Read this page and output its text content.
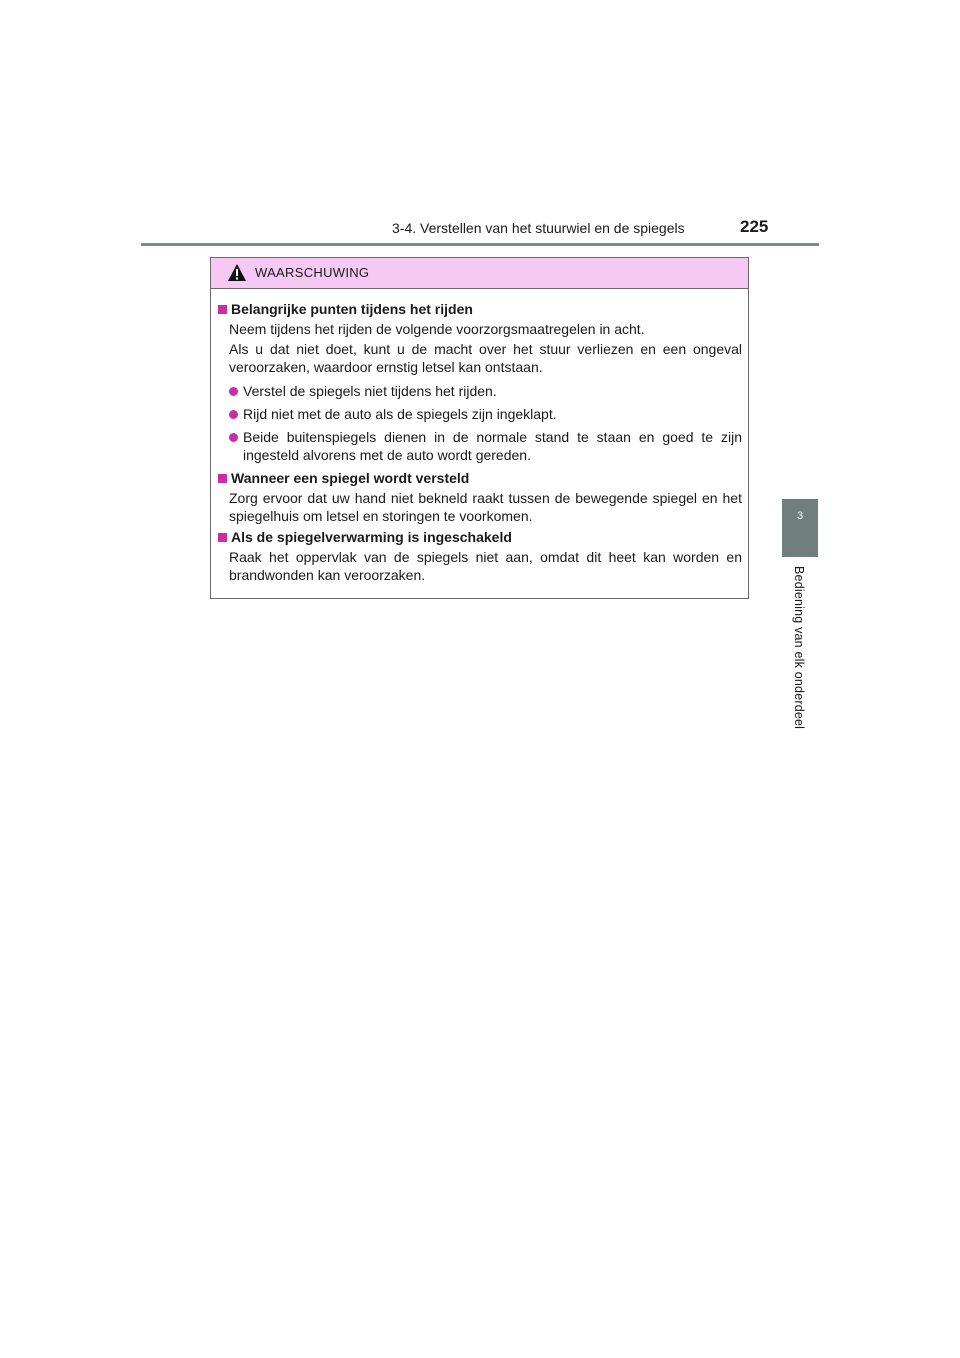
3-4. Verstellen van het stuurwiel en de spiegels	225
3
Bediening van elk onderdeel
WAARSCHUWING
Belangrijke punten tijdens het rijden

Neem tijdens het rijden de volgende voorzorgsmaatregelen in acht.

Als u dat niet doet, kunt u de macht over het stuur verliezen en een ongeval veroorzaken, waardoor ernstig letsel kan ontstaan.

Verstel de spiegels niet tijdens het rijden.
Rijd niet met de auto als de spiegels zijn ingeklapt.
Beide buitenspiegels dienen in de normale stand te staan en goed te zijn ingesteld alvorens met de auto wordt gereden.
Wanneer een spiegel wordt versteld

Zorg ervoor dat uw hand niet bekneld raakt tussen de bewegende spiegel en het spiegelhuis om letsel en storingen te voorkomen.

Als de spiegelverwarming is ingeschakeld

Raak het oppervlak van de spiegels niet aan, omdat dit heet kan worden en brandwonden kan veroorzaken.
